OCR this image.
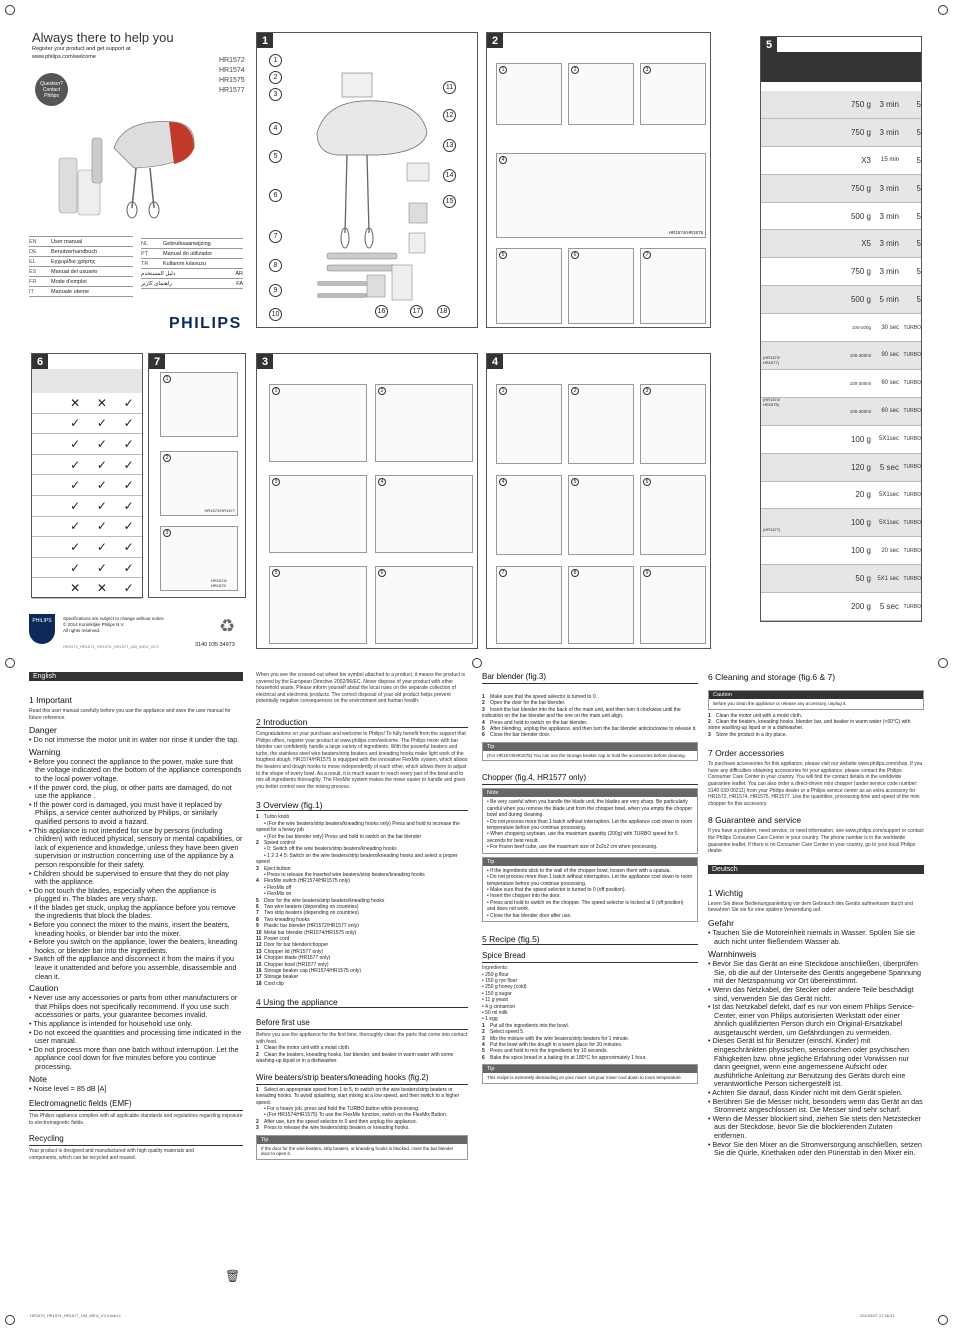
Always there to help you
Register your product and get support at
www.philips.com/welcome
Question?
Contact
Philips
HR1572
HR1574
HR1575
HR1577
EN	User manual
DE	Benutzerhandbuch
EL	Εγχειρίδιο χρήσης
ES	Manual del usuario
FR	Mode d'emploi
IT	Manuale utente
NL	Gebruiksaanwijzing
PT	Manual do utilizador
TR	Kullanım kılavuzu
دليل المستخدم	AR
راهنمای کاربر	FA
PHILIPS
1
1
2
3
4
5
6
7
8
9
10
11
12
13
14
15
16	17	18
2
1	2	3
4
HR1574/HR1575
5	6	7
5
750 g	3 min	5
750 g	3 min	5
X3	15 min	5
750 g	3 min	5
500 g	3 min	5
X5	3 min	5
750 g	3 min	5
500 g	5 min	5
100-200g	30 sec TURBO
100-300ml	90 sec TURBO
100-300ml	60 sec TURBO
100-300ml	60 sec TURBO
100 g	5X1sec TURBO
120 g	5 sec TURBO
20 g	5X1sec TURBO
100 g	5X1sec TURBO
100 g	20 sec TURBO
50 g	5X1 sec TURBO
200 g	5 sec TURBO
(HR1572/ HR1577)
(HR1574/ HR1575)
(HR1577)
6
✕	✕	✓
✓	✓	✓
✓	✓	✓
✓	✓	✓
✓	✓	✓
✓	✓	✓
✓	✓	✓
✓	✓	✓
✓	✓	✓
✕	✕	✓
7
1
2
HR1572/HR1577
3
HR1574/ HR1575
3
1	2
3	4
5	6
4
1	2	3
4	5	6
7	8	9
PHILIPS	Specifications are subject to change without notice
© 2014 Koninklijke Philips N.V.
All rights reserved.	♻
3140 035 34973
HR1572_HR1574_HR1575_HR1577_UM_WEU_V3.0
English
1 Important
Read this user manual carefully before you use the appliance and save the user manual for future reference.
Danger
• Do not immerse the motor unit in water nor rinse it under the tap.
Warning
• Before you connect the appliance to the power, make sure that the voltage indicated on the bottom of the appliance corresponds to the local power voltage.
• If the power cord, the plug, or other parts are damaged, do not use the appliance .
• If the power cord is damaged, you must have it replaced by Philips, a service center authorized by Philips, or similarly qualified persons to avoid a hazard.
• This appliance is not intended for use by persons (including children) with reduced physical, sensory or mental capabilities, or lack of experience and knowledge, unless they have been given supervision or instruction concerning use of the appliance by a person responsible for their safety.
• Children should be supervised to ensure that they do not play with the appliance.
• Do not touch the blades, especially when the appliance is plugged in. The blades are very sharp.
• If the blades get stuck, unplug the appliance before you remove the ingredients that block the blades.
• Before you connect the mixer to the mains, insert the beaters, kneading hooks, or blender bar into the mixer.
• Before you switch on the appliance, lower the beaters, kneading hooks, or blender bar into the ingredients.
• Switch off the appliance and disconnect it from the mains if you leave it unattended and before you assemble, disassemble and clean it.
Caution
• Never use any accessories or parts from other manufacturers or that Philips does not specifically recommend. If you use such accessories or parts, your guarantee becomes invalid.
• This appliance is intended for household use only.
• Do not exceed the quantities and processing time indicated in the user manual.
• Do not process more than one batch without interruption. Let the appliance cool down for five minutes before you continue processing.
Note
• Noise level = 85 dB [A]
Electromagnetic fields (EMF)
This Philips appliance complies with all applicable standards and regulations regarding exposure to electromagnetic fields.
Recycling
Your product is designed and manufactured with high quality materials and components, which can be recycled and reused.
🗑
When you see the crossed-out wheel bin symbol attached to a product, it means the product is covered by the European Directive 2002/96/EC. Never dispose of your product with other household waste. Please inform yourself about the local rules on the separate collection of electrical and electronic products. The correct disposal of your old product helps prevent potentially negative consequences on the environment and human health.
2 Introduction
Congratulations on your purchase and welcome to Philips! To fully benefit from the support that Philips offers, register your product at www.philips.com/welcome. The Philips mixer with bar blender can confidently handle a large variety of ingredients. With the powerful beaters and turbo, the stainless steel wire beaters/strip beaters and kneading hooks make light work of the toughest dough. HR1574/HR1575 is equipped with the innovative FlexMix system, which allows the beaters and dough hooks to move independently of each other, which allows them to adjust to the shape of every bowl. As a result, it is much easier to reach every part of the bowl and to mix all ingredients thoroughly. The FlexMix system makes the mixer easier to handle and gives you better control over the mixing process.
3 Overview (fig.1)
1 Turbo knob
• (For the wire beaters/strip beaters/kneading hooks only) Press and hold to increase the speed for a heavy job
• (For the bar blender only) Press and hold to switch on the bar blender
2 Speed control
• 0: Switch off the wire beaters/strip beaters/kneading hooks
• 1 2 3 4 5: Switch on the wire beaters/strip beaters/kneading hooks and select a proper speed
3 Eject button
• Press to release the inserted wire beaters/strip beaters/kneading hooks
4 FlexMix switch (HR1574/HR1575 only)
• FlexMix off
• FlexMix on
5 Door for the wire beaters/strip beaters/kneading hooks
6 Two wire beaters (depending on countries)
7 Two strip beaters (depending on countries)
8 Two kneading hooks
9 Plastic bar blender (HR1572/HR1577 only)
10 Metal bar blender (HR1574/HR1575 only)
11 Power cord
12 Door for bar blender/chopper
13 Chopper lid (HR1577 only)
14 Chopper blade (HR1577 only)
15 Chopper bowl (HR1577 only)
16 Storage beaker cap (HR1574/HR1575 only)
17 Storage beaker
18 Cord clip
4 Using the appliance
Before first use
Before you use the appliance for the first time, thoroughly clean the parts that come into contact with food.
1 Clean the motor unit with a moist cloth.
2 Clean the beaters, kneading hooks, bar blender, and beaker in warm water with some washing-up liquid or in a dishwasher.
Wire beaters/strip beaters/kneading hooks (fig.2)
1 Select an appropriate speed from 1 to 5, to switch on the wire beaters/strip beaters or kneading hooks. To avoid splashing, start mixing at a low speed, and then switch to a higher speed.
• For a heavy job, press and hold the TURBO button while processing.
• (For HR1574/HR1575) To use the FlexMix function, switch on the FlexMix Button.
2 After use, turn the speed selector to 0 and then unplug the appliance.
3 Press to release the wire beaters/strip beaters or kneading hooks.
Tip
If the door for the wire beaters, strip beaters, or kneading hooks is blocked, close the bar blender door to open it.
Bar blender (fig.3)
1 Make sure that the speed selector is turned to 0.
2 Open the door for the bar blender.
3 Insert the bar blender into the back of the main unit, and then turn it clockwise until the indication on the bar blender and the one on the main unit align.
4 Press and hold to switch on the bar blender.
5 After blending, unplug the appliance, and then turn the bar blender anticlockwise to release it.
6 Close the bar blender door.
Tip
(For HR1574/HR1575) You can use the storage beaker cap to hold the accessories before cleaning.
Chopper (fig.4, HR1577 only)
Note
• Be very careful when you handle the blade unit, the blades are very sharp. Be particularly careful when you remove the blade unit from the chopper bowl, when you empty the chopper bowl and during cleaning.
• Do not process more than 1 batch without interruption. Let the appliance cool down to room temperature before you continue processing.
• When chopping soybean, use the maximum quantity (200g) with TURBO speed for 5 seconds for best result.
• For frozen beef cube, use the maximum size of 2x2x2 cm when processing.
Tip
• If the ingredients stick to the wall of the chopper bowl, loosen them with a spatula.
• Do not process more than 1 batch without interruption. Let the appliance cool down to room temperature before you continue processing.
• Make sure that the speed selector is turned to 0 (off position).
• Insert the chopper into the door.
• Press and hold to switch on the chopper. The speed selector is locked at 0 (off position) and does not work.
• Close the bar blender door after use.
5 Recipe (fig.5)
Spice Bread
Ingredients:
• 250 g flour
• 150 g rye flour
• 250 g honey (cold)
• 150 g sugar
• 11 g yeast
• 4 g cinnamon
• 50 ml milk
• 1 egg
1 Put all the ingredients into the bowl.
2 Select speed 5.
3 Mix the mixture with the wire beaters/strip beaters for 1 minute.
4 Put the bowl with the dough in a warm place for 20 minutes.
5 Press and hold to mix the ingredients for 10 seconds.
6 Bake the spice bread in a baking tin at 180°C for approximately 1 hour.
Tip
This recipe is extremely demanding on your mixer. Let your mixer cool down to room temperature.
6 Cleaning and storage (fig.6 & 7)
Caution
Before you clean the appliance or release any accessory, unplug it.
1 Clean the motor unit with a moist cloth.
2 Clean the beaters, kneading hooks, blender bar, and beaker in warm water (<60°C) with some washing-up liquid or in a dishwasher.
3 Store the product in a dry place.
7 Order accessories
To purchase accessories for this appliance, please visit our website www.philips.com/shop. If you have any difficulties obtaining accessories for your appliance, please contact the Philips Consumer Care Center in your country. You will find the contact details in the worldwide guarantee leaflet. You can also order a direct-driven mini chopper (under service code number: 3140 039 00211) from your Philips dealer or a Philips service center as an extra accessory for HR1572, HR1574, HR1575, HR1577. Use the quantities, processing time and speed of the mini chopper for this accessory.
8 Guarantee and service
If you have a problem, need service, or need information, see www.philips.com/support or contact the Philips Consumer Care Center in your country. The phone number is in the worldwide guarantee leaflet. If there is no Consumer Care Center in your country, go to your local Philips dealer.
Deutsch
1 Wichtig
Lesen Sie diese Bedienungsanleitung vor dem Gebrauch des Geräts aufmerksam durch und bewahren Sie sie für eine spätere Verwendung auf.
Gefahr
• Tauchen Sie die Motoreinheit niemals in Wasser. Spülen Sie sie auch nicht unter fließendem Wasser ab.
Warnhinweis
• Bevor Sie das Gerät an eine Steckdose anschließen, überprüfen Sie, ob die auf der Unterseite des Geräts angegebene Spannung mit der Netzspannung vor Ort übereinstimmt.
• Wenn das Netzkabel, der Stecker oder andere Teile beschädigt sind, verwenden Sie das Gerät nicht.
• Ist das Netzkabel defekt, darf es nur von einem Philips Service-Center, einer von Philips autorisierten Werkstatt oder einer ähnlich qualifizierten Person durch ein Original-Ersatzkabel ausgetauscht werden, um Gefährdungen zu vermeiden.
• Dieses Gerät ist für Benutzer (einschl. Kinder) mit eingeschränkten physischen, sensorischen oder psychischen Fähigkeiten bzw. ohne jegliche Erfahrung oder Vorwissen nur dann geeignet, wenn eine angemessene Aufsicht oder ausführliche Anleitung zur Benutzung des Geräts durch eine verantwortliche Person sichergestellt ist.
• Achten Sie darauf, dass Kinder nicht mit dem Gerät spielen.
• Berühren Sie die Messer nicht, besonders wenn das Gerät an das Stromnetz angeschlossen ist. Die Messer sind sehr scharf.
• Wenn die Messer blockiert sind, ziehen Sie stets den Netzstecker aus der Steckdose, bevor Sie die blockierenden Zutaten entfernen.
• Bevor Sie den Mixer an die Stromversorgung anschließen, setzen Sie die Quirle, Knethaken oder den Pürierstab in den Mixer ein.
HR1572_HR1574_HR1577_UM_WEU_V3.0.indd 1	2014/3/27 17:36:31
